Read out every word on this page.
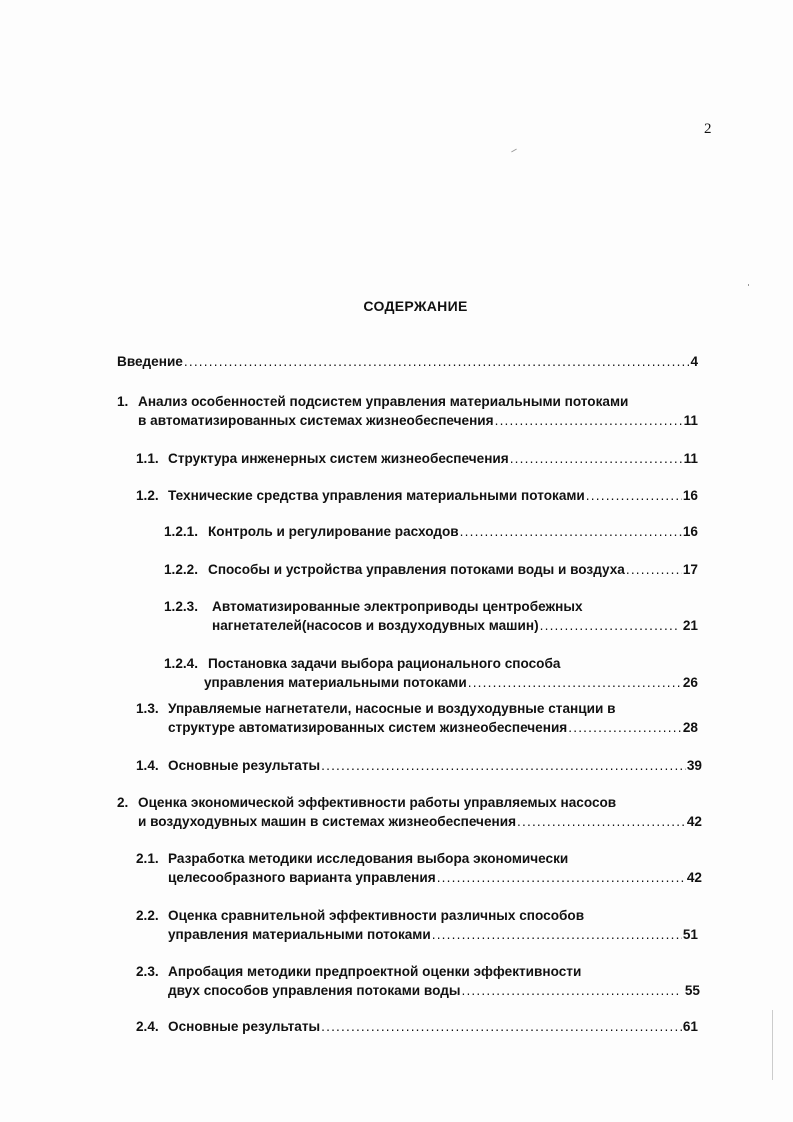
2
СОДЕРЖАНИЕ
Введение .....	4
1. Анализ особенностей подсистем управления материальными потоками
в автоматизированных системах жизнеобеспечения .....	11
1.1. Структура инженерных систем жизнеобеспечения .....	11
1.2. Технические средства управления материальными потоками .....	16
1.2.1. Контроль и регулирование расходов .....	16
1.2.2. Способы и устройства управления потоками воды и воздуха .....	17
1.2.3.	Автоматизированные электроприводы центробежных
нагнетателей(насосов и воздуходувных машин) .....	21
1.2.4. Постановка задачи выбора рационального способа
управления материальными потоками .....	26
1.3. Управляемые нагнетатели, насосные и воздуходувные станции в
структуре автоматизированных систем жизнеобеспечения .....	28
1.4. Основные результаты .....	39
2. Оценка экономической эффективности работы управляемых насосов
и воздуходувных машин в системах жизнеобеспечения .....	42
2.1. Разработка методики исследования выбора экономически
целесообразного варианта управления .....	42
2.2. Оценка сравнительной эффективности различных способов
управления материальными потоками .....	51
2.3. Апробация методики предпроектной оценки эффективности
двух способов управления потоками воды .....	55
2.4. Основные результаты .....	61
